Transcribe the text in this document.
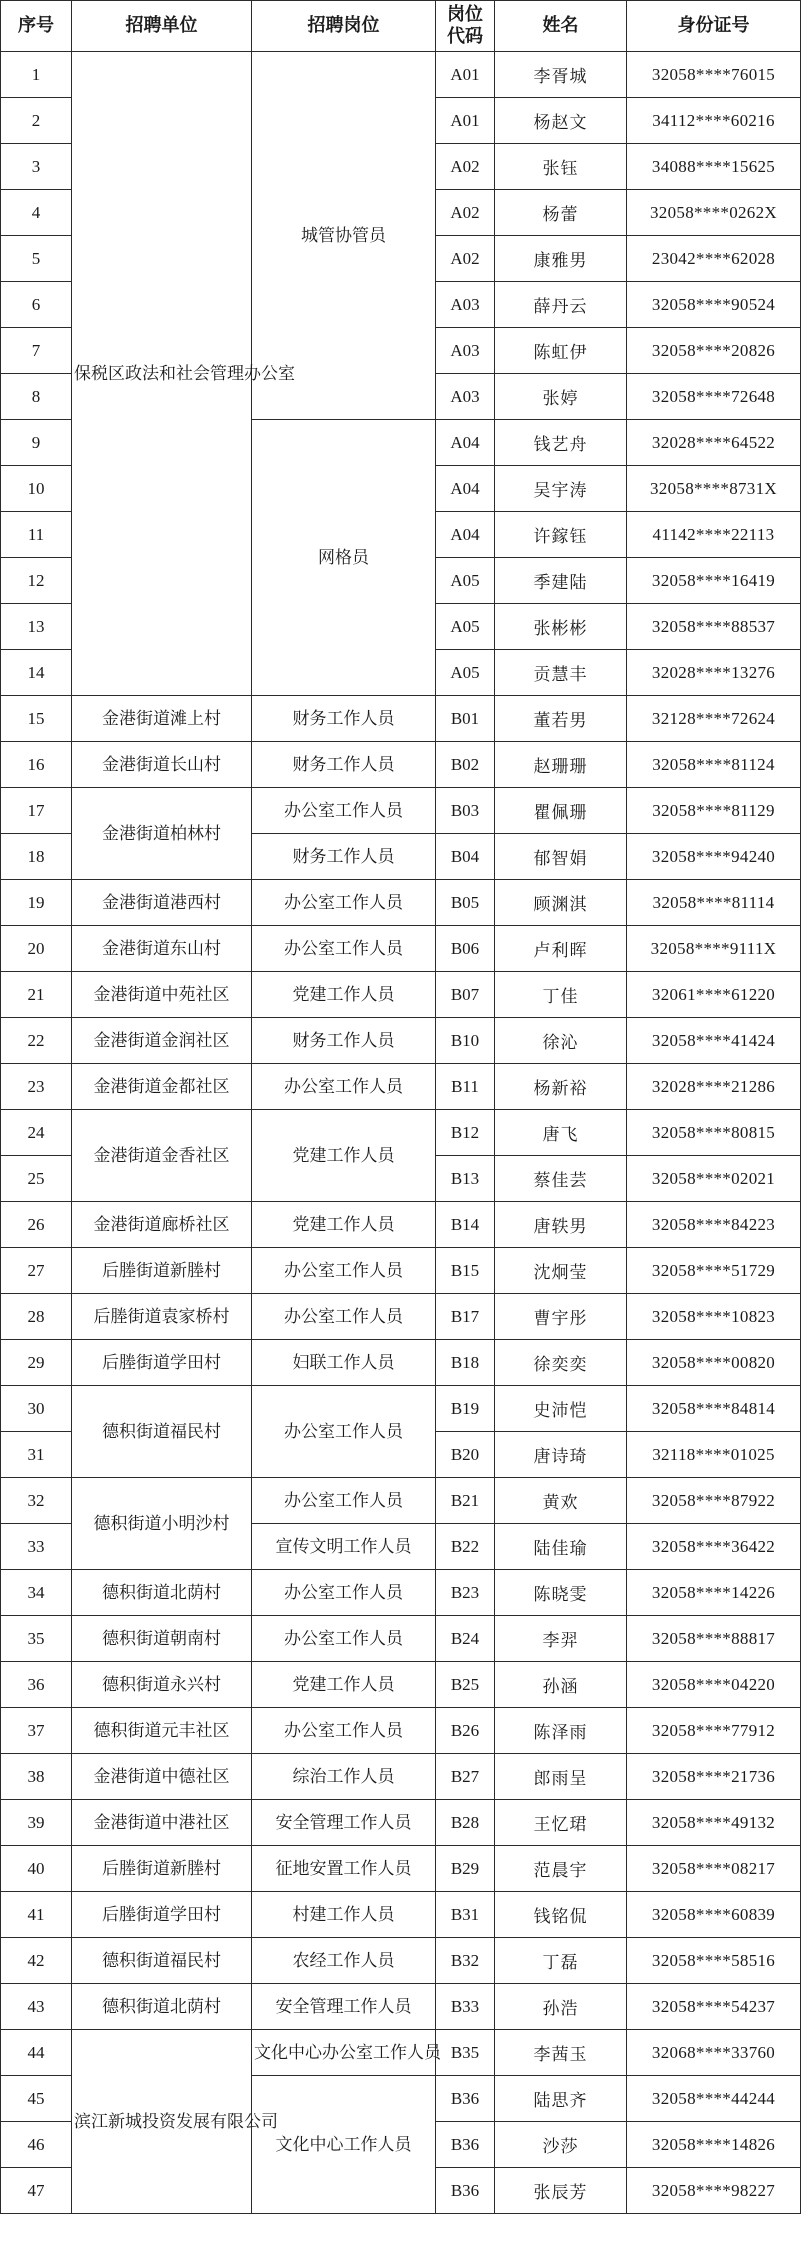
序号	招聘单位	招聘岗位	岗位
代码	姓名	身份证号
1	保税区政法和社会管理办公室	城管协管员	A01	李胥城	32058****76015
2			A01	杨赵文	34112****60216
3			A02	张钰	34088****15625
4			A02	杨蕾	32058****0262X
5			A02	康雅男	23042****62028
6			A03	薛丹云	32058****90524
7			A03	陈虹伊	32058****20826
8			A03	张婷	32058****72648
9		网格员	A04	钱艺舟	32028****64522
10			A04	吴宇涛	32058****8731X
11			A04	许鎵钰	41142****22113
12			A05	季建陆	32058****16419
13			A05	张彬彬	32058****88537
14			A05	贡慧丰	32028****13276
15	金港街道滩上村	财务工作人员	B01	董若男	32128****72624
16	金港街道长山村	财务工作人员	B02	赵珊珊	32058****81124
17	金港街道柏林村	办公室工作人员	B03	瞿佩珊	32058****81129
18		财务工作人员	B04	郁智娟	32058****94240
19	金港街道港西村	办公室工作人员	B05	顾渊淇	32058****81114
20	金港街道东山村	办公室工作人员	B06	卢利晖	32058****9111X
21	金港街道中苑社区	党建工作人员	B07	丁佳	32061****61220
22	金港街道金润社区	财务工作人员	B10	徐沁	32058****41424
23	金港街道金都社区	办公室工作人员	B11	杨新裕	32028****21286
24	金港街道金香社区	党建工作人员	B12	唐飞	32058****80815
25			B13	蔡佳芸	32058****02021
26	金港街道廊桥社区	党建工作人员	B14	唐轶男	32058****84223
27	后塍街道新塍村	办公室工作人员	B15	沈炯莹	32058****51729
28	后塍街道袁家桥村	办公室工作人员	B17	曹宇彤	32058****10823
29	后塍街道学田村	妇联工作人员	B18	徐奕奕	32058****00820
30	德积街道福民村	办公室工作人员	B19	史沛恺	32058****84814
31			B20	唐诗琦	32118****01025
32	德积街道小明沙村	办公室工作人员	B21	黄欢	32058****87922
33		宣传文明工作人员	B22	陆佳瑜	32058****36422
34	德积街道北荫村	办公室工作人员	B23	陈晓雯	32058****14226
35	德积街道朝南村	办公室工作人员	B24	李羿	32058****88817
36	德积街道永兴村	党建工作人员	B25	孙涵	32058****04220
37	德积街道元丰社区	办公室工作人员	B26	陈泽雨	32058****77912
38	金港街道中德社区	综治工作人员	B27	郎雨呈	32058****21736
39	金港街道中港社区	安全管理工作人员	B28	王忆珺	32058****49132
40	后塍街道新塍村	征地安置工作人员	B29	范晨宇	32058****08217
41	后塍街道学田村	村建工作人员	B31	钱铭侃	32058****60839
42	德积街道福民村	农经工作人员	B32	丁磊	32058****58516
43	德积街道北荫村	安全管理工作人员	B33	孙浩	32058****54237
44	滨江新城投资发展有限公司	文化中心办公室工作人员	B35	李茜玉	32068****33760
45		文化中心工作人员	B36	陆思齐	32058****44244
46			B36	沙莎	32058****14826
47			B36	张辰芳	32058****98227
